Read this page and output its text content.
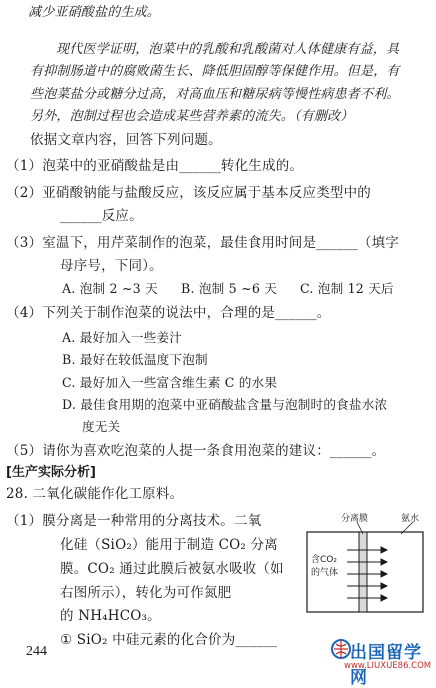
减少亚硝酸盐的生成。
现代医学证明，泡菜中的乳酸和乳酸菌对人体健康有益，具
有抑制肠道中的腐败菌生长、降低胆固醇等保健作用。但是，有
些泡菜盐分或糖分过高，对高血压和糖尿病等慢性病患者不利。
另外，泡制过程也会造成某些营养素的流失。（有删改）
依据文章内容，回答下列问题。
（1）泡菜中的亚硝酸盐是由______转化生成的。
（2）亚硝酸钠能与盐酸反应，该反应属于基本反应类型中的
______反应。
（3）室温下，用芹菜制作的泡菜，最佳食用时间是______（填字
母序号，下同）。
A. 泡制 2 ~3 天 B. 泡制 5 ~6 天 C. 泡制 12 天后
（4）下列关于制作泡菜的说法中，合理的是______。
A. 最好加入一些姜汁
B. 最好在较低温度下泡制
C. 最好加入一些富含维生素 C 的水果
D. 最佳食用期的泡菜中亚硝酸盐含量与泡制时的食盐水浓
度无关
（5）请你为喜欢吃泡菜的人提一条食用泡菜的建议：______。
[生产实际分析]
28. 二氧化碳能作化工原料。
（1）膜分离是一种常用的分离技术。二氧
化硅（SiO₂）能用于制造 CO₂ 分离
膜。CO₂ 通过此膜后被氨水吸收（如
右图所示），转化为可作氮肥
的 NH₄HCO₃。
① SiO₂ 中硅元素的化合价为______
分离膜	氨水
含CO₂
的气体
244	出国留学网
www.LIUXUE86.COM
